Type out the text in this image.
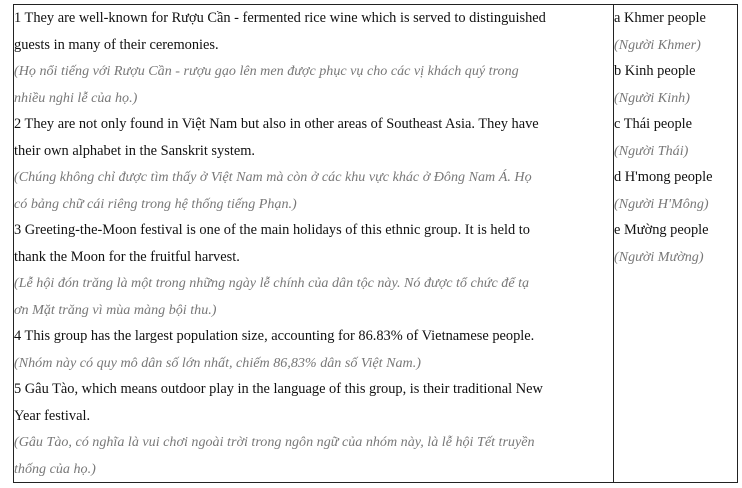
1 They are well-known for Rượu Cần - fermented rice wine which is served to distinguished
guests in many of their ceremonies.
(Họ nổi tiếng với Rượu Cần - rượu gạo lên men được phục vụ cho các vị khách quý trong
nhiều nghi lễ của họ.)
2 They are not only found in Việt Nam but also in other areas of Southeast Asia. They have
their own alphabet in the Sanskrit system.
(Chúng không chỉ được tìm thấy ở Việt Nam mà còn ở các khu vực khác ở Đông Nam Á. Họ
có bảng chữ cái riêng trong hệ thống tiếng Phạn.)
3 Greeting-the-Moon festival is one of the main holidays of this ethnic group. It is held to
thank the Moon for the fruitful harvest.
(Lễ hội đón trăng là một trong những ngày lễ chính của dân tộc này. Nó được tổ chức để tạ
ơn Mặt trăng vì mùa màng bội thu.)
4 This group has the largest population size, accounting for 86.83% of Vietnamese people.
(Nhóm này có quy mô dân số lớn nhất, chiếm 86,83% dân số Việt Nam.)
5 Gâu Tào, which means outdoor play in the language of this group, is their traditional New
Year festival.
(Gâu Tào, có nghĩa là vui chơi ngoài trời trong ngôn ngữ của nhóm này, là lễ hội Tết truyền
thống của họ.)

a Khmer people
(Người Khmer)
b Kinh people
(Người Kinh)
c Thái people
(Người Thái)
d H'mong people
(Người H'Mông)
e Mường people
(Người Mường)
